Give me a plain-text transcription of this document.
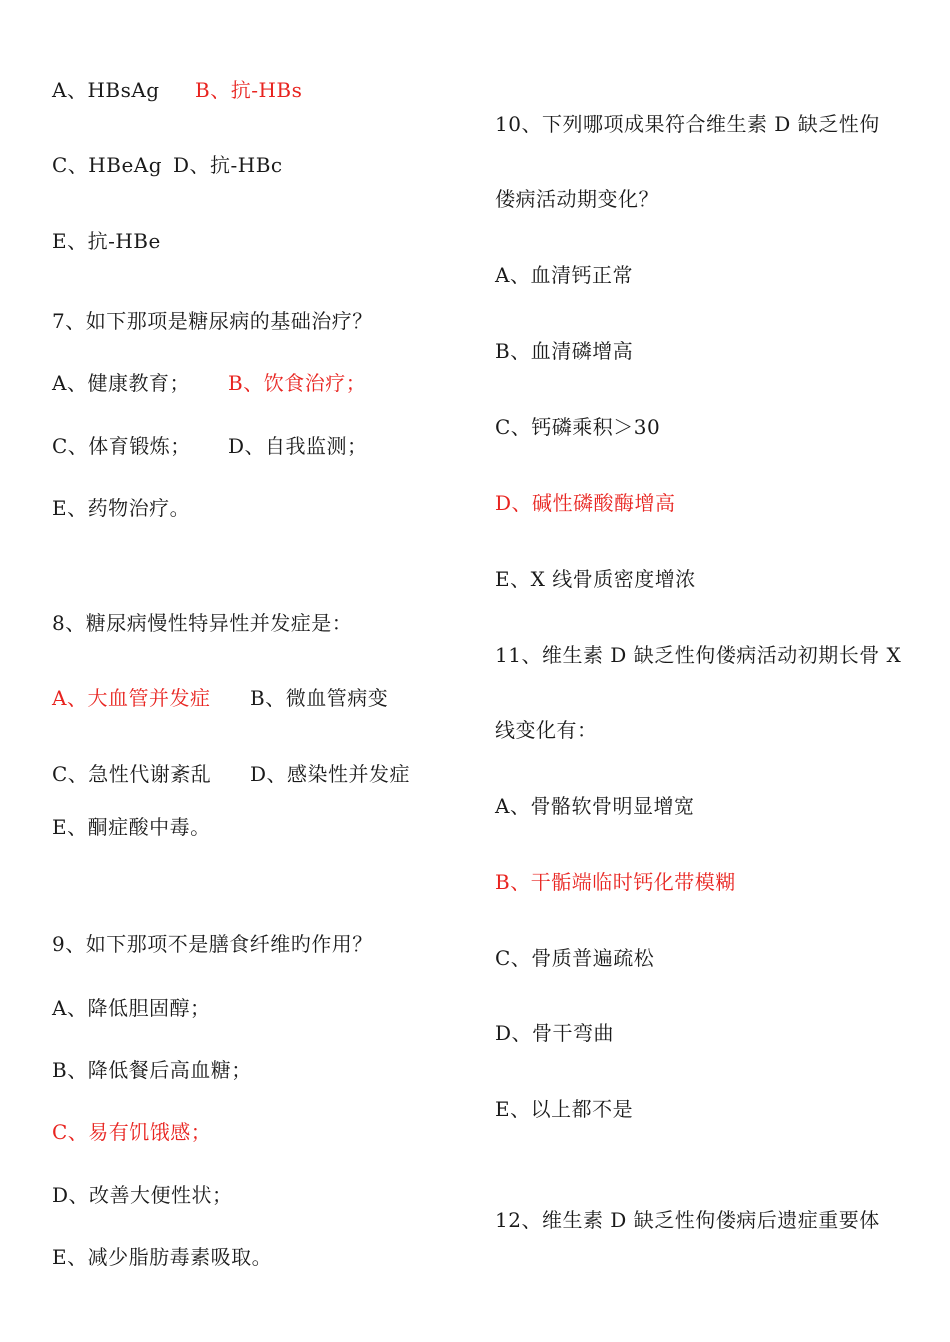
A、HBsAg B、抗-HBs
C、HBeAg D、抗-HBc
E、抗-HBe
7、如下那项是糖尿病的基础治疗？
A、健康教育； B、饮食治疗；
C、体育锻炼； D、自我监测；
E、药物治疗。
8、糖尿病慢性特异性并发症是：
A、大血管并发症 B、微血管病变
C、急性代谢紊乱 D、感染性并发症
E、酮症酸中毒。
9、如下那项不是膳食纤维旳作用？
A、降低胆固醇；
B、降低餐后高血糖；
C、易有饥饿感；
D、改善大便性状；
E、减少脂肪毒素吸取。
10、下列哪项成果符合维生素 D 缺乏性佝
偻病活动期变化？
A、血清钙正常
B、血清磷增高
C、钙磷乘积＞30
D、碱性磷酸酶增高
E、X 线骨质密度增浓
11、维生素 D 缺乏性佝偻病活动初期长骨 X
线变化有：
A、骨骼软骨明显增宽
B、干骺端临时钙化带模糊
C、骨质普遍疏松
D、骨干弯曲
E、以上都不是
12、维生素 D 缺乏性佝偻病后遗症重要体
